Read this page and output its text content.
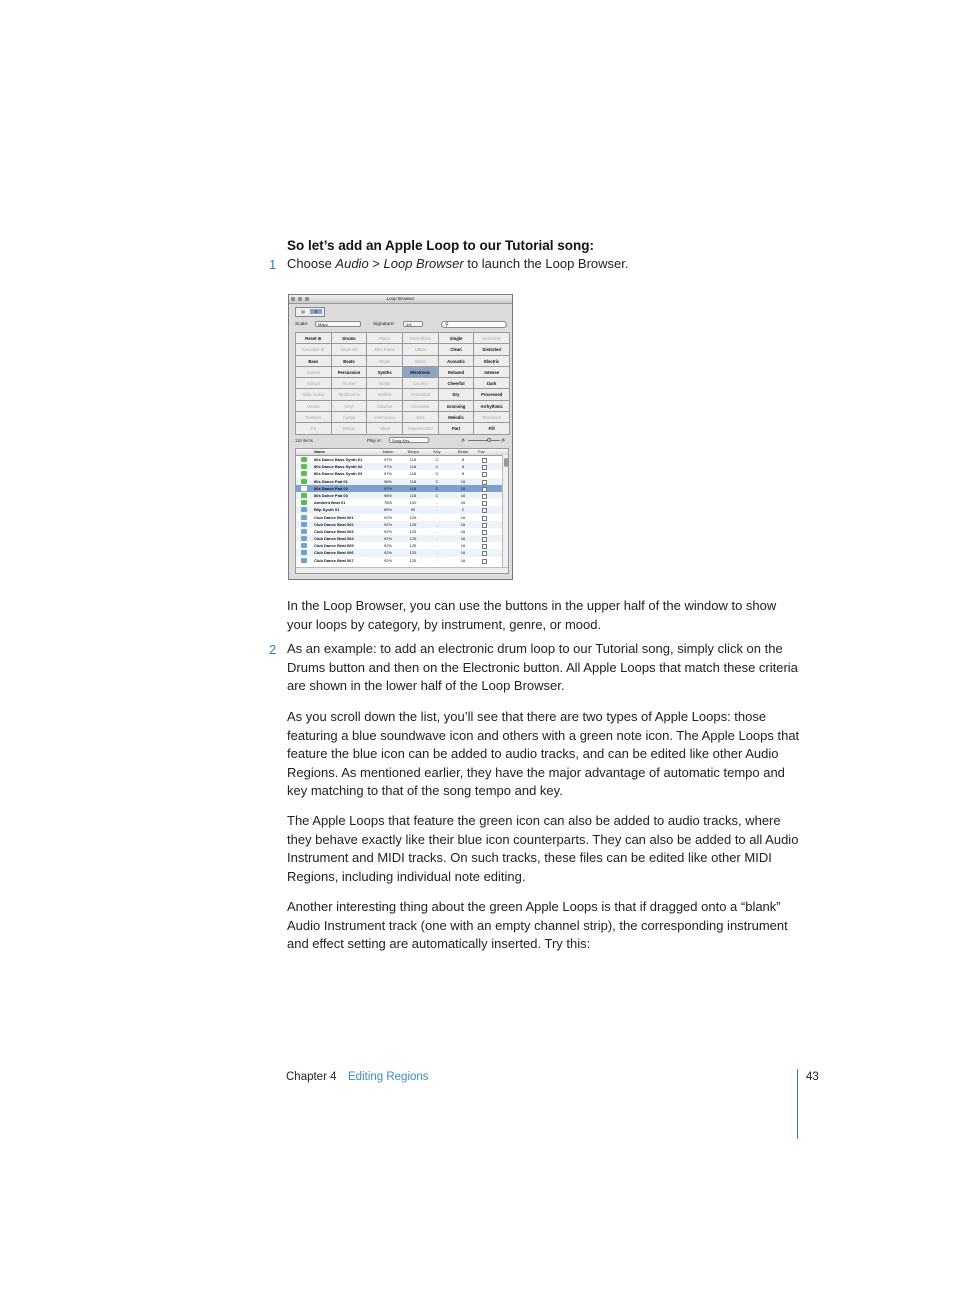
So let’s add an Apple Loop to our Tutorial song:
1 Choose Audio > Loop Browser to launch the Loop Browser.
Loop Browser
▤	☰
Scale:	Major	Signature:	4/4	⚲
Reset ⚙	Drums	Piano	Rock/Blues	Single	Ensemble
Favorites ⚙	Drum Kit	Elec Piano	Urban	Clean	Distorted
Bass	Beats	Organ	World	Acoustic	Electric
Guitars	Percussion	Synths	Electronic	Relaxed	Intense
Strings	Shaker	Brass	Country	Cheerful	Dark
Slide Guitar	Tambourine	Mallets	Orchestral	Dry	Processed
Vocals	Vinyl	Clavinet	Cinematic	Grooving	Arrhythmic
Textures	Conga	Harmonica	Jazz	Melodic	Dissonant
FX	Bongo	Vibes	Experimental	Part	Fill
118 items	Play in:	Song Key	🔈	🔊
Name	Match	Tempo	Key	Beats	Fav
80s Dance Bass Synth 01	97%	118	C	8
80s Dance Bass Synth 02	97%	118	C	8
80s Dance Bass Synth 03	97%	118	C	8
80s Dance Pad 01	98%	118	C	16
80s Dance Pad 02	97%	118	C	16
80s Dance Pad 03	98%	118	C	16
Ambient Beat 01	78%	100	-	16
Blip Synth 01	85%	90	-	2
Club Dance Beat 001	92%	125	-	16
Club Dance Beat 002	92%	125	-	16
Club Dance Beat 003	92%	125	-	16
Club Dance Beat 004	92%	125	-	16
Club Dance Beat 005	92%	125	-	16
Club Dance Beat 006	92%	125	-	16
Club Dance Beat 007	92%	125	-	16
In the Loop Browser, you can use the buttons in the upper half of the window to show your loops by category, by instrument, genre, or mood.
2 As an example: to add an electronic drum loop to our Tutorial song, simply click on the Drums button and then on the Electronic button. All Apple Loops that match these criteria are shown in the lower half of the Loop Browser.
As you scroll down the list, you’ll see that there are two types of Apple Loops: those featuring a blue soundwave icon and others with a green note icon. The Apple Loops that feature the blue icon can be added to audio tracks, and can be edited like other Audio Regions. As mentioned earlier, they have the major advantage of automatic tempo and key matching to that of the song tempo and key.
The Apple Loops that feature the green icon can also be added to audio tracks, where they behave exactly like their blue icon counterparts. They can also be added to all Audio Instrument and MIDI tracks. On such tracks, these files can be edited like other MIDI Regions, including individual note editing.
Another interesting thing about the green Apple Loops is that if dragged onto a “blank” Audio Instrument track (one with an empty channel strip), the corresponding instrument and effect setting are automatically inserted. Try this:
Chapter 4 Editing Regions	43
